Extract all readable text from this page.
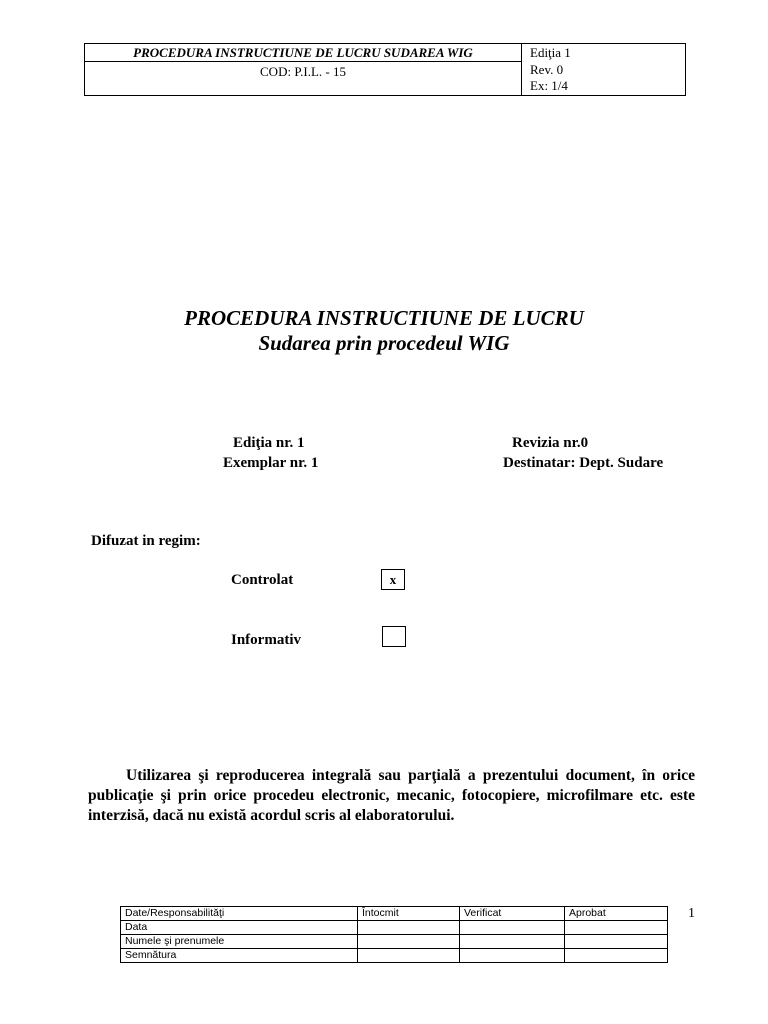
PROCEDURA INSTRUCTIUNE DE LUCRU SUDAREA WIG
COD: P.I.L. - 15
Ediţia 1
Rev. 0
Ex: 1/4
PROCEDURA INSTRUCTIUNE DE LUCRU
Sudarea prin procedeul WIG
Ediţia nr. 1	Revizia nr.0
Exemplar nr. 1	Destinatar: Dept. Sudare
Difuzat in regim:
Controlat	x
Informativ
Utilizarea şi reproducerea integrală sau parţială a prezentului document, în orice publicaţie şi prin orice procedeu electronic, mecanic, fotocopiere, microfilmare etc. este interzisă, dacă nu există acordul scris al elaboratorului.
Date/Responsabilităţi	Întocmit	Verificat	Aprobat
Data			
Numele şi prenumele			
Semnătura			
1
